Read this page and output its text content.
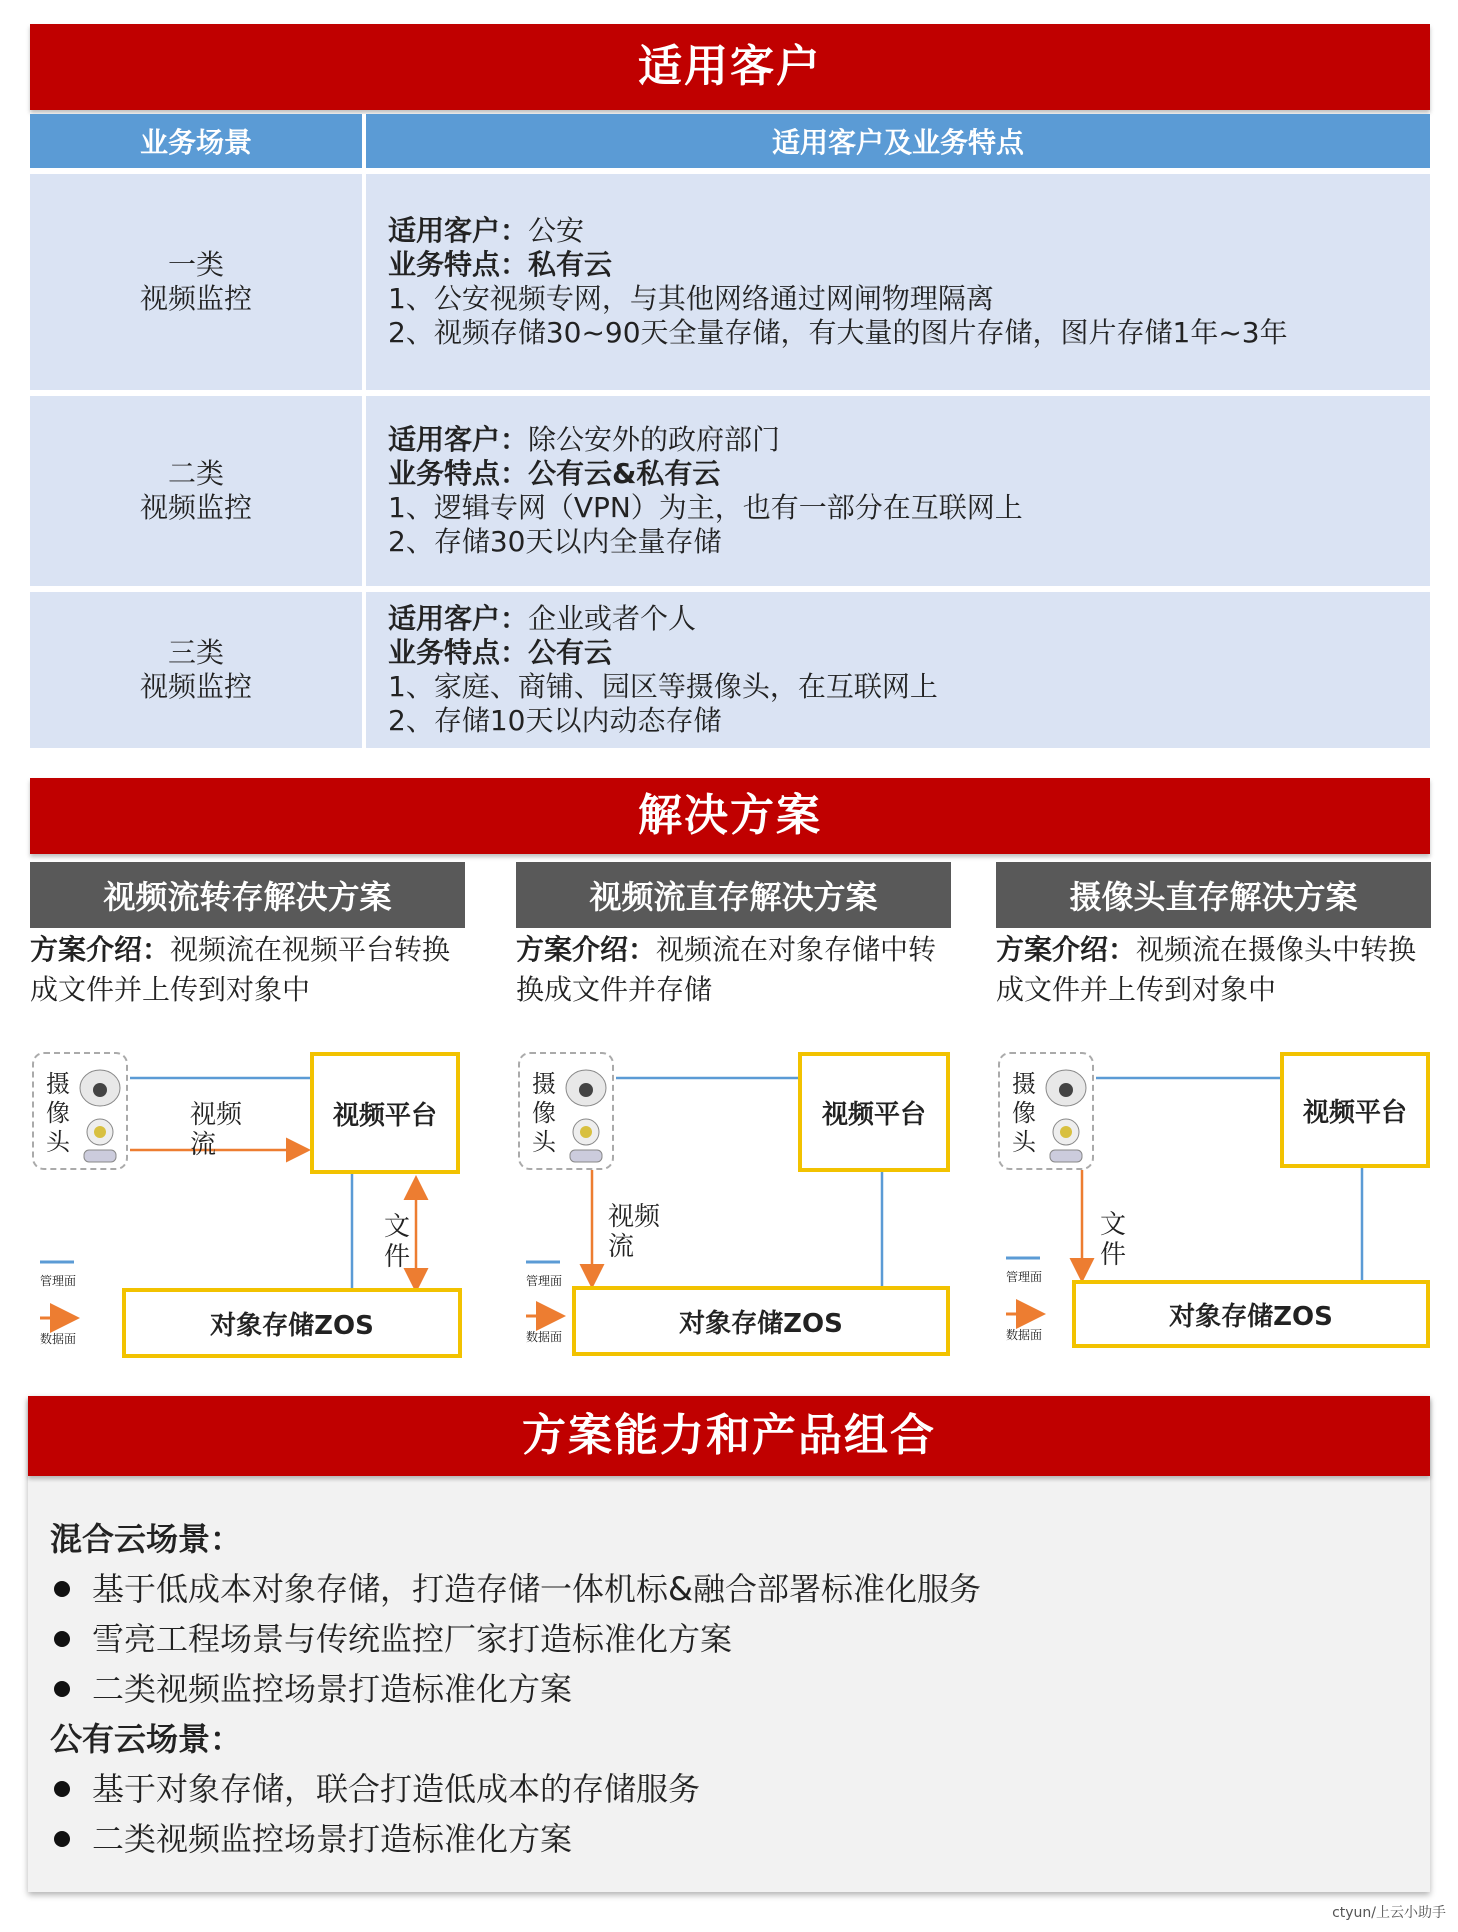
适用客户
业务场景	适用客户及业务特点
一类
视频监控
适用客户：公安
业务特点：私有云
1、公安视频专网，与其他网络通过网闸物理隔离
2、视频存储30~90天全量存储，有大量的图片存储，图片存储1年~3年
二类
视频监控
适用客户：除公安外的政府部门
业务特点：公有云&私有云
1、逻辑专网（VPN）为主，也有一部分在互联网上
2、存储30天以内全量存储
三类
视频监控
适用客户：企业或者个人
业务特点：公有云
1、家庭、商铺、园区等摄像头，在互联网上
2、存储10天以内动态存储
解决方案
视频流转存解决方案
方案介绍：视频流在视频平台转换
成文件并上传到对象中
摄像头
视频平台
对象存储ZOS
视频
流
文
件
管理面
数据面
视频流直存解决方案
方案介绍：视频流在对象存储中转
换成文件并存储
摄像头
视频平台
对象存储ZOS
视频
流
管理面
数据面
摄像头直存解决方案
方案介绍：视频流在摄像头中转换
成文件并上传到对象中
摄像头
视频平台
对象存储ZOS
文
件
管理面
数据面
方案能力和产品组合
混合云场景：
基于低成本对象存储，打造存储一体机标&融合部署标准化服务
雪亮工程场景与传统监控厂家打造标准化方案
二类视频监控场景打造标准化方案
公有云场景：
基于对象存储，联合打造低成本的存储服务
二类视频监控场景打造标准化方案
ctyun/上云小助手
